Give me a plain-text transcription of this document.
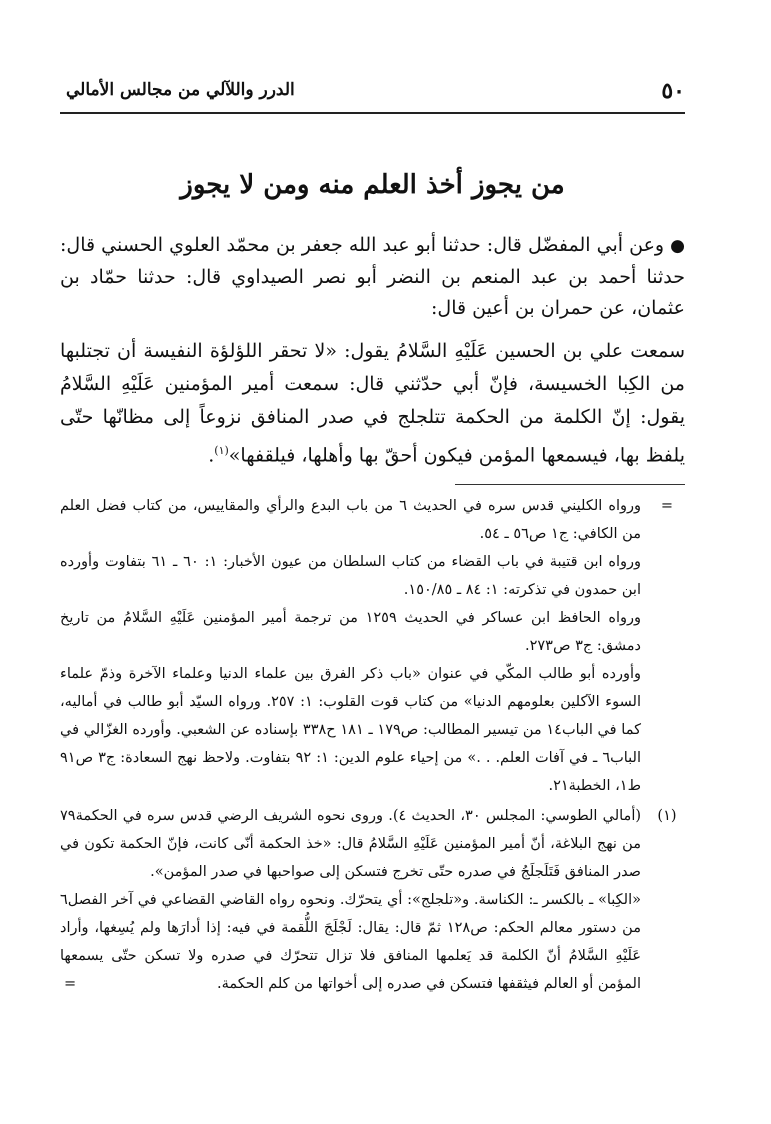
٥٠
الدرر واللآلي من مجالس الأمالي
من يجوز أخذ العلم منه ومن لا يجوز
●وعن أبي المفضّل قال: حدثنا أبو عبد الله جعفر بن محمّد العلوي الحسني قال: حدثنا أحمد بن عبد المنعم بن النضر أبو نصر الصيداوي قال: حدثنا حمّاد بن عثمان، عن حمران بن أعين قال:
سمعت علي بن الحسين عَلَيْهِ السَّلامُ يقول: «لا تحقر اللؤلؤة النفيسة أن تجتلبها من الكِبا الخسيسة، فإنّ أبي حدّثني قال: سمعت أمير المؤمنين عَلَيْهِ السَّلامُ يقول: إنّ الكلمة من الحكمة تتلجلج في صدر المنافق نزوعاً إلى مظانّها حتّى يلفظ بها، فيسمعها المؤمن فيكون أحقّ بها وأهلها، فيلقفها»$^{(١)}$.
=

ورواه الكليني قدس سره في الحديث ٦ من باب البدع والرأي والمقاييس، من كتاب فضل العلم من الكافي: ج١ ص٥٦ ـ ٥٤.

ورواه ابن قتيبة في باب القضاء من كتاب السلطان من عيون الأخبار: ١: ٦٠ ـ ٦١ بتفاوت وأورده ابن حمدون في تذكرته: ١: ٨٤ ـ ١٥٠/٨٥.

ورواه الحافظ ابن عساكر في الحديث ١٢٥٩ من ترجمة أمير المؤمنين عَلَيْهِ السَّلامُ من تاريخ دمشق: ج٣ ص٢٧٣.

وأورده أبو طالب المكّي في عنوان «باب ذكر الفرق بين علماء الدنيا وعلماء الآخرة وذمّ علماء السوء الآكلين بعلومهم الدنيا» من كتاب قوت القلوب: ١: ٢٥٧. ورواه السيّد أبو طالب في أماليه، كما في الباب١٤ من تيسير المطالب: ص١٧٩ ـ ١٨١ ح٣٣٨ بإسناده عن الشعبي. وأورده الغزّالي في الباب٦ ـ في آفات العلم. . .» من إحياء علوم الدين: ١: ٩٢ بتفاوت. ولاحظ نهج السعادة: ج٣ ص٩١ ط١، الخطبة٢١.

(١)

(أمالي الطوسي: المجلس ٣٠، الحديث ٤). وروى نحوه الشريف الرضي قدس سره في الحكمة٧٩ من نهج البلاغة، أنّ أمير المؤمنين عَلَيْهِ السَّلامُ قال: «خذ الحكمة أنّى كانت، فإنّ الحكمة تكون في صدر المنافق فَتَلَجلَجُ في صدره حتّى تخرج فتسكن إلى صواحبها في صدر المؤمن».

«الكِبا» ـ بالكسر ـ: الكناسة. و«تلجلج»: أي يتحرّك. ونحوه رواه القاضي القضاعي في آخر الفصل٦ من دستور معالم الحكم: ص١٢٨ ثمّ قال: يقال: لَجْلَجَ اللُّقمة في فيه: إذا أدارَها ولم يُسِغها، وأراد عَلَيْهِ السَّلامُ أنّ الكلمة قد يَعلمها المنافق فلا تزال تتحرّك في صدره ولا تسكن حتّى يسمعها المؤمن أو العالم فيثقفها فتسكن في صدره إلى أخواتها من كلم الحكمة.

=
